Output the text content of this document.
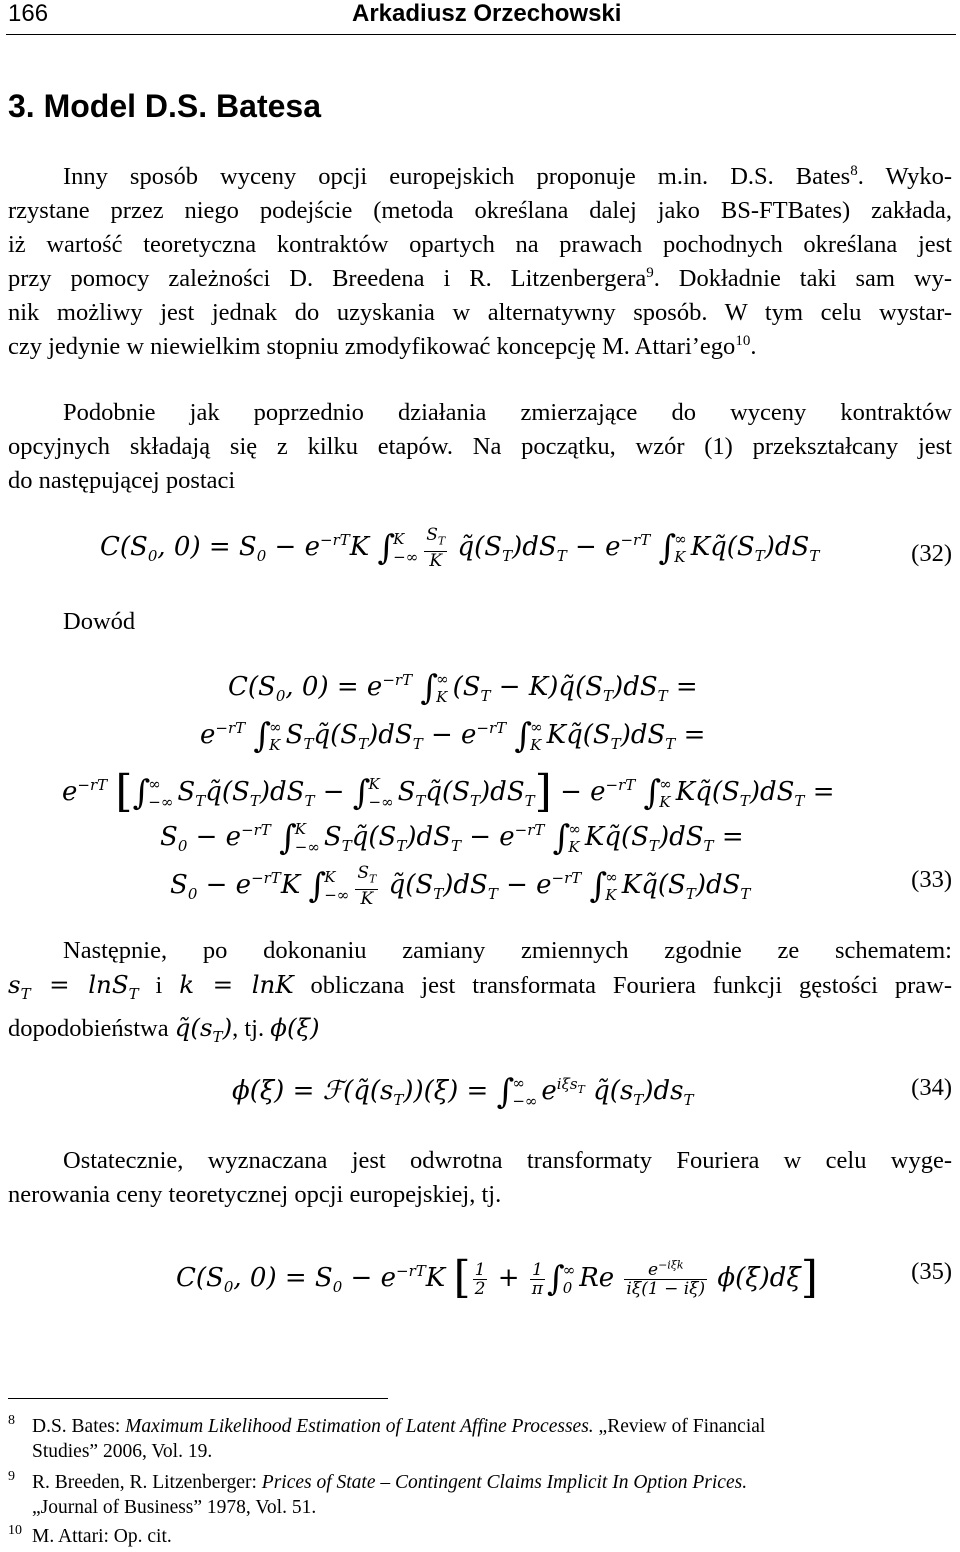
166	Arkadiusz Orzechowski
3. Model D.S. Batesa
Inny sposób wyceny opcji europejskich proponuje m.in. D.S. Bates$^8$. Wyko-
rzystane przez niego podejście (metoda określana dalej jako BS-FTBates) zakłada,
iż wartość teoretyczna kontraktów opartych na prawach pochodnych określana jest
przy pomocy zależności D. Breedena i R. Litzenbergera$^9$. Dokładnie taki sam wy-
nik możliwy jest jednak do uzyskania w alternatywny sposób. W tym celu wystar-
czy jedynie w niewielkim stopniu zmodyfikować koncepcję M. Attari’ego$^{10}$.
Podobnie jak poprzednio działania zmierzające do wyceny kontraktów
opcyjnych składają się z kilku etapów. Na początku, wzór (1) przekształcany jest
do następującej postaci
$C(S_0$, $0) = S_0 - e^{-rT}K$ ∫
K
−∞ $\frac{S_T}{K}$ $q̃(S_T)dS_T - e^{-rT}$ ∫
∞
K $Kq̃(S_T)dS_T$	(32)
Dowód
$C(S_0$, $0) = e^{-rT}$ ∫
∞
K ($S_T$ − $K)q̃(S_T)dS_T$ =
$e^{-rT}$ ∫
∞
K $S_Tq̃(S_T)dS_T - e^{-rT}$ ∫
∞
K $Kq̃(S_T)dS_T$ =
$e^{-rT}$ [∫
∞
−∞ $S_Tq̃(S_T)dS_T$ − ∫
K
−∞ $S_Tq̃(S_T)dS_T] - e^{-rT}$ ∫
∞
K $Kq̃(S_T)dS_T$ =
$S_0 - e^{-rT}$ ∫
K
−∞ $S_Tq̃(S_T)dS_T - e^{-rT}$ ∫
∞
K $Kq̃(S_T)dS_T$ =
$S_0 - e^{-rT}K$ ∫
K
−∞ $\frac{S_T}{K}$ $q̃(S_T)dS_T - e^{-rT}$ ∫
∞
K $Kq̃(S_T)dS_T$
(33)
Następnie, po dokonaniu zamiany zmiennych zgodnie ze schematem:
$s_T = \ln S_T$ i k = lnK obliczana jest transformata Fouriera funkcji gęstości praw-
dopodobieństwa $q̃(s_T)$, tj. ϕ(ξ)
$\phi(\xi) = ℱ(q̃(s_T))(\xi)$ = ∫
∞
−∞ $e^{i\xi s_T}$ $q̃(s_T)ds_T$	(34)
Ostatecznie, wyznaczana jest odwrotna transformaty Fouriera w celu wyge-
nerowania ceny teoretycznej opcji europejskiej, tj.
$C(S_0$, $0) = S_0 - e^{-rT}K$ [ $\frac{1}{2} + \frac{1}{\pi}$ ∫
∞
0 Re $\frac{e^{-i\xi k}}{i\xi(1 - i\xi)} \phi(\xi)d\xi$]	(35)
8 D.S. Bates: Maximum Likelihood Estimation of Latent Affine Processes. „Review of Financial
Studies” 2006, Vol. 19.
9 R. Breeden, R. Litzenberger: Prices of State – Contingent Claims Implicit In Option Prices.
„Journal of Business” 1978, Vol. 51.
10 M. Attari: Op. cit.
